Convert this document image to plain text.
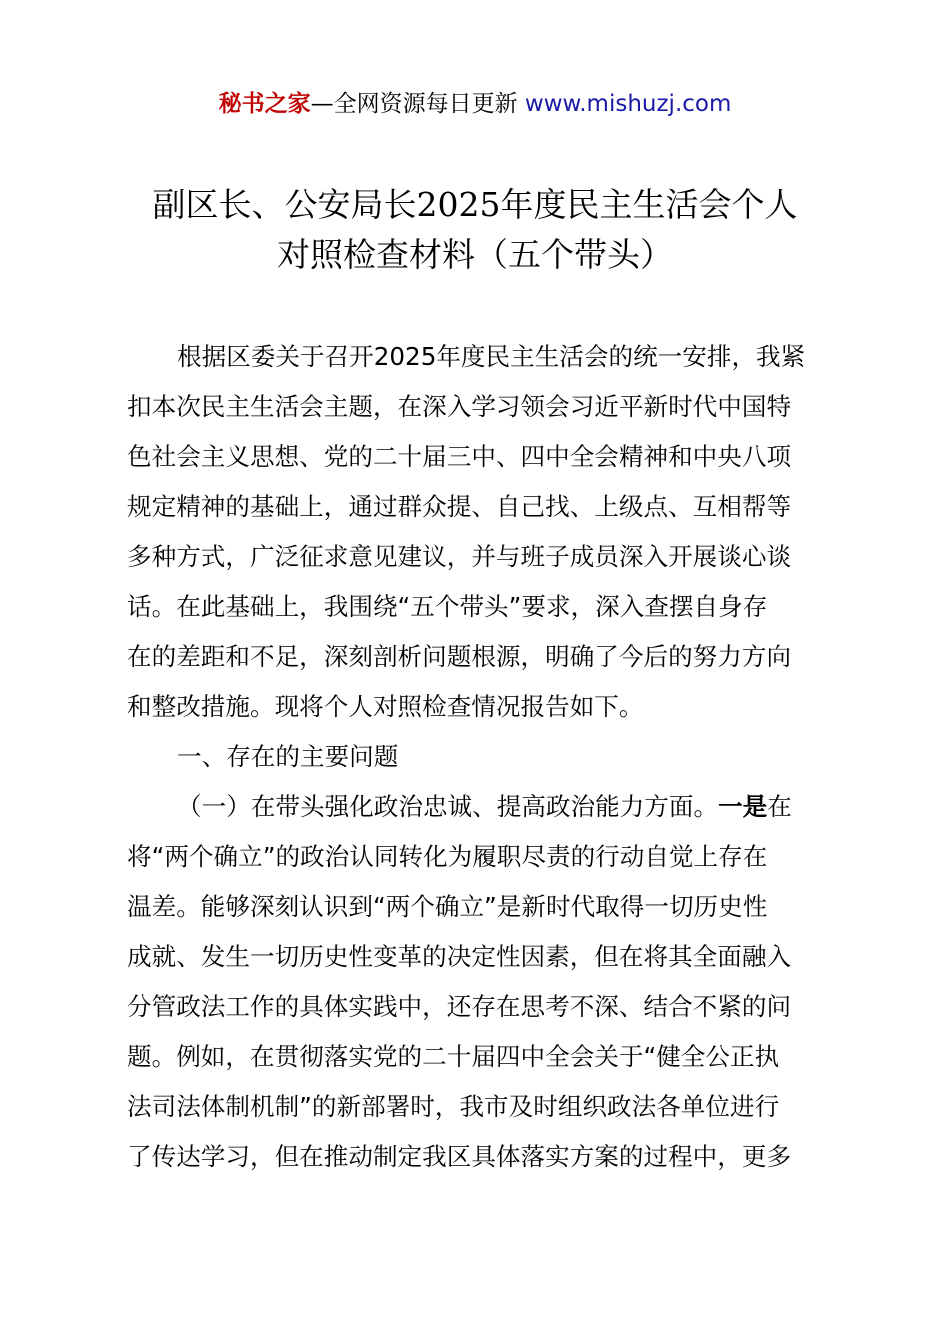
秘书之家—全网资源每日更新 www.mishuzj.com
副区长、公安局长2025年度民主生活会个人
对照检查材料（五个带头）
根据区委关于召开2025年度民主生活会的统一安排，我紧
扣本次民主生活会主题，在深入学习领会习近平新时代中国特
色社会主义思想、党的二十届三中、四中全会精神和中央八项
规定精神的基础上，通过群众提、自己找、上级点、互相帮等
多种方式，广泛征求意见建议，并与班子成员深入开展谈心谈
话。在此基础上，我围绕“五个带头”要求，深入查摆自身存
在的差距和不足，深刻剖析问题根源，明确了今后的努力方向
和整改措施。现将个人对照检查情况报告如下。
一、存在的主要问题
（一）在带头强化政治忠诚、提高政治能力方面。一是在
将“两个确立”的政治认同转化为履职尽责的行动自觉上存在
温差。能够深刻认识到“两个确立”是新时代取得一切历史性
成就、发生一切历史性变革的决定性因素，但在将其全面融入
分管政法工作的具体实践中，还存在思考不深、结合不紧的问
题。例如，在贯彻落实党的二十届四中全会关于“健全公正执
法司法体制机制”的新部署时，我市及时组织政法各单位进行
了传达学习，但在推动制定我区具体落实方案的过程中，更多
